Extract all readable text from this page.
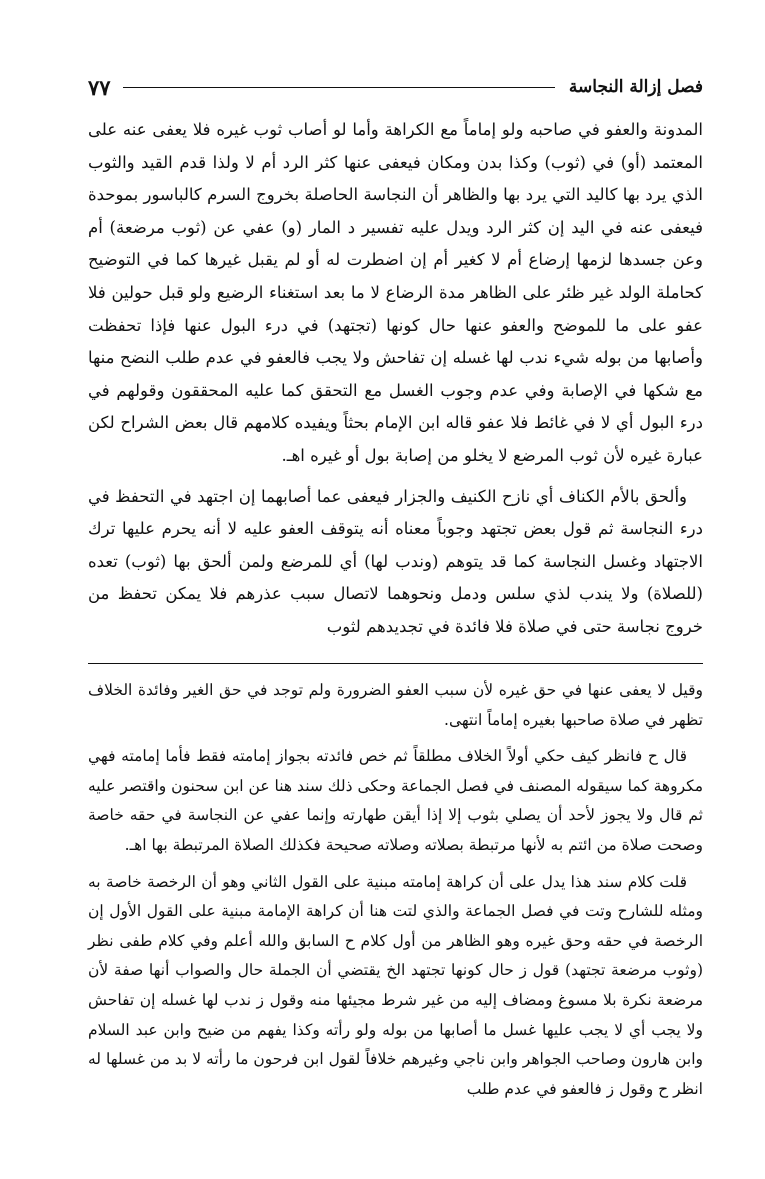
فصل إزالة النجاسة
٧٧

المدونة والعفو في صاحبه ولو إماماً مع الكراهة وأما لو أصاب ثوب غيره فلا يعفى عنه على المعتمد (أو) في (ثوب) وكذا بدن ومكان فيعفى عنها كثر الرد أم لا ولذا قدم القيد والثوب الذي يرد بها كاليد التي يرد بها والظاهر أن النجاسة الحاصلة بخروج السرم كالباسور بموحدة فيعفى عنه في اليد إن كثر الرد ويدل عليه تفسير د المار (و) عفي عن (ثوب مرضعة) أم وعن جسدها لزمها إرضاع أم لا كغير أم إن اضطرت له أو لم يقبل غيرها كما في التوضيح كحاملة الولد غير ظئر على الظاهر مدة الرضاع لا ما بعد استغناء الرضيع ولو قبل حولين فلا عفو على ما للموضح والعفو عنها حال كونها (تجتهد) في درء البول عنها فإذا تحفظت وأصابها من بوله شيء ندب لها غسله إن تفاحش ولا يجب فالعفو في عدم طلب النضح منها مع شكها في الإصابة وفي عدم وجوب الغسل مع التحقق كما عليه المحققون وقولهم في درء البول أي لا في غائط فلا عفو قاله ابن الإمام بحثاً ويفيده كلامهم قال بعض الشراح لكن عبارة غيره لأن ثوب المرضع لا يخلو من إصابة بول أو غيره اهـ.

وألحق بالأم الكناف أي نازح الكنيف والجزار فيعفى عما أصابهما إن اجتهد في التحفظ في درء النجاسة ثم قول بعض تجتهد وجوباً معناه أنه يتوقف العفو عليه لا أنه يحرم عليها ترك الاجتهاد وغسل النجاسة كما قد يتوهم (وندب لها) أي للمرضع ولمن ألحق بها (ثوب) تعده (للصلاة) ولا يندب لذي سلس ودمل ونحوهما لاتصال سبب عذرهم فلا يمكن تحفظ من خروج نجاسة حتى في صلاة فلا فائدة في تجديدهم لثوب

وقيل لا يعفى عنها في حق غيره لأن سبب العفو الضرورة ولم توجد في حق الغير وفائدة الخلاف تظهر في صلاة صاحبها بغيره إماماً انتهى.

قال ح فانظر كيف حكي أولاً الخلاف مطلقاً ثم خص فائدته بجواز إمامته فقط فأما إمامته فهي مكروهة كما سيقوله المصنف في فصل الجماعة وحكى ذلك سند هنا عن ابن سحنون واقتصر عليه ثم قال ولا يجوز لأحد أن يصلي بثوب إلا إذا أيقن طهارته وإنما عفي عن النجاسة في حقه خاصة وصحت صلاة من ائتم به لأنها مرتبطة بصلاته وصلاته صحيحة فكذلك الصلاة المرتبطة بها اهـ.

قلت كلام سند هذا يدل على أن كراهة إمامته مبنية على القول الثاني وهو أن الرخصة خاصة به ومثله للشارح وتت في فصل الجماعة والذي لتت هنا أن كراهة الإمامة مبنية على القول الأول إن الرخصة في حقه وحق غيره وهو الظاهر من أول كلام ح السابق والله أعلم وفي كلام طفى نظر (وثوب مرضعة تجتهد) قول ز حال كونها تجتهد الخ يقتضي أن الجملة حال والصواب أنها صفة لأن مرضعة نكرة بلا مسوغ ومضاف إليه من غير شرط مجيئها منه وقول ز ندب لها غسله إن تفاحش ولا يجب أي لا يجب عليها غسل ما أصابها من بوله ولو رأته وكذا يفهم من ضيح وابن عبد السلام وابن هارون وصاحب الجواهر وابن ناجي وغيرهم خلافاً لقول ابن فرحون ما رأته لا بد من غسلها له انظر ح وقول ز فالعفو في عدم طلب
